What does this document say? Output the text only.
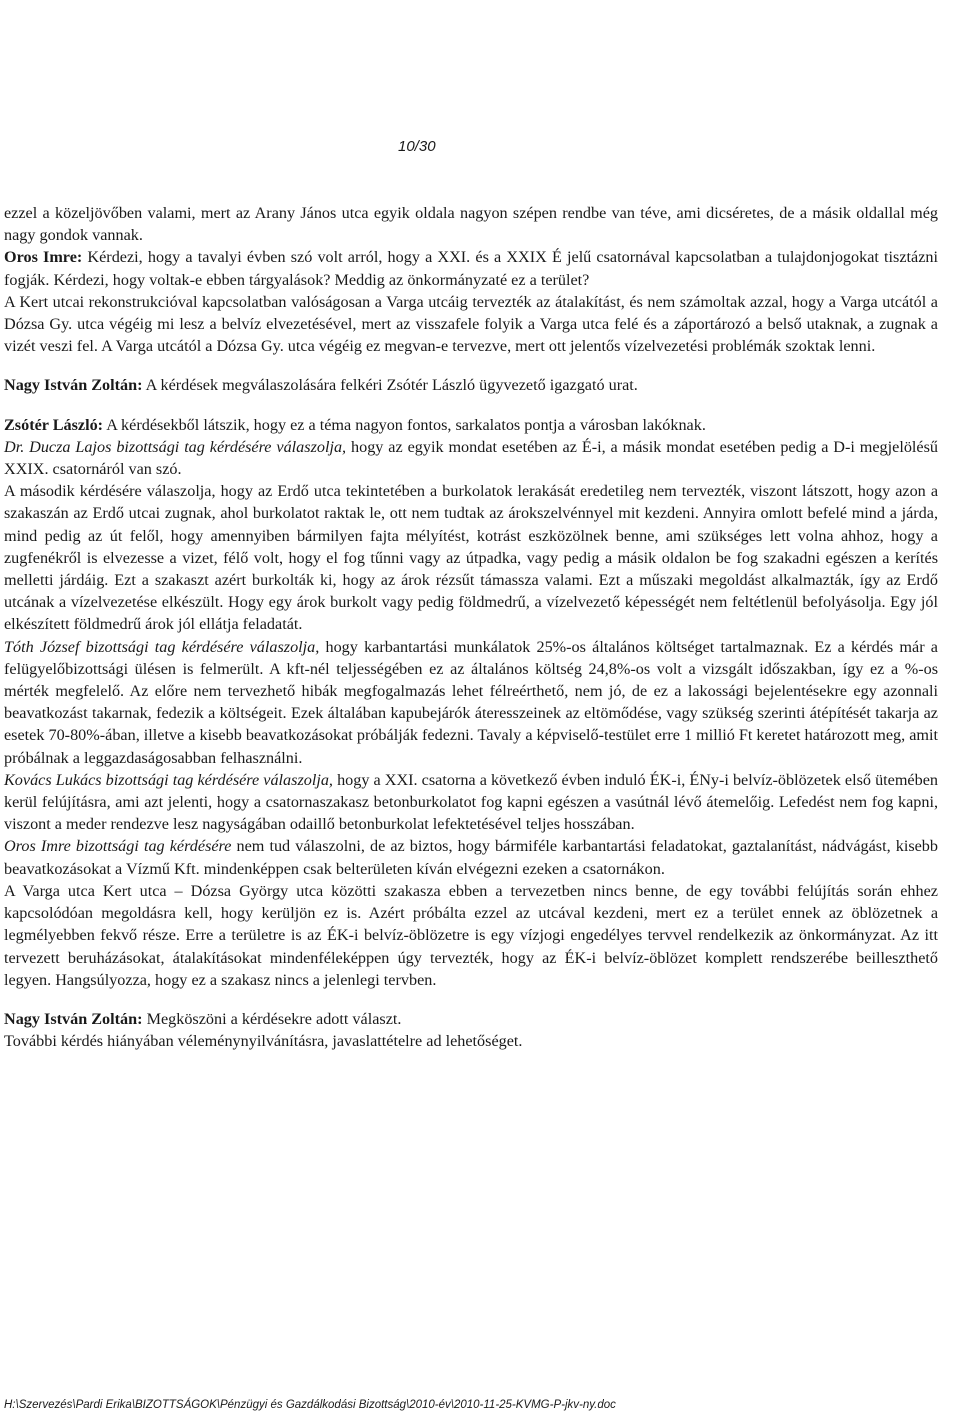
10/30

ezzel a közeljövőben valami, mert az Arany János utca egyik oldala nagyon szépen rendbe van téve, ami dicséretes, de a másik oldallal még nagy gondok vannak.

Oros Imre: Kérdezi, hogy a tavalyi évben szó volt arról, hogy a XXI. és a XXIX É jelű csatornával kapcsolatban a tulajdonjogokat tisztázni fogják. Kérdezi, hogy voltak-e ebben tárgyalások? Meddig az önkormányzaté ez a terület?

A Kert utcai rekonstrukcióval kapcsolatban valóságosan a Varga utcáig tervezték az átalakítást, és nem számoltak azzal, hogy a Varga utcától a Dózsa Gy. utca végéig mi lesz a belvíz elvezetésével, mert az visszafele folyik a Varga utca felé és a záportározó a belső utaknak, a zugnak a vizét veszi fel. A Varga utcától a Dózsa Gy. utca végéig ez megvan-e tervezve, mert ott jelentős vízelvezetési problémák szoktak lenni.

Nagy István Zoltán: A kérdések megválaszolására felkéri Zsótér László ügyvezető igazgató urat.

Zsótér László: A kérdésekből látszik, hogy ez a téma nagyon fontos, sarkalatos pontja a városban lakóknak.

Dr. Ducza Lajos bizottsági tag kérdésére válaszolja, hogy az egyik mondat esetében az É-i, a másik mondat esetében pedig a D-i megjelölésű XXIX. csatornáról van szó.

A második kérdésére válaszolja, hogy az Erdő utca tekintetében a burkolatok lerakását eredetileg nem tervezték, viszont látszott, hogy azon a szakaszán az Erdő utcai zugnak, ahol burkolatot raktak le, ott nem tudtak az árokszelvénnyel mit kezdeni. Annyira omlott befelé mind a járda, mind pedig az út felől, hogy amennyiben bármilyen fajta mélyítést, kotrást eszközölnek benne, ami szükséges lett volna ahhoz, hogy a zugfenékről is elvezesse a vizet, félő volt, hogy el fog tűnni vagy az útpadka, vagy pedig a másik oldalon be fog szakadni egészen a kerítés melletti járdáig. Ezt a szakaszt azért burkolták ki, hogy az árok rézsűt támassza valami. Ezt a műszaki megoldást alkalmazták, így az Erdő utcának a vízelvezetése elkészült. Hogy egy árok burkolt vagy pedig földmedrű, a vízelvezető képességét nem feltétlenül befolyásolja. Egy jól elkészített földmedrű árok jól ellátja feladatát.

Tóth József bizottsági tag kérdésére válaszolja, hogy karbantartási munkálatok 25%-os általános költséget tartalmaznak. Ez a kérdés már a felügyelőbizottsági ülésen is felmerült. A kft-nél teljességében ez az általános költség 24,8%-os volt a vizsgált időszakban, így ez a %-os mérték megfelelő. Az előre nem tervezhető hibák megfogalmazás lehet félreérthető, nem jó, de ez a lakossági bejelentésekre egy azonnali beavatkozást takarnak, fedezik a költségeit. Ezek általában kapubejárók áteresszeinek az eltömődése, vagy szükség szerinti átépítését takarja az esetek 70-80%-ában, illetve a kisebb beavatkozásokat próbálják fedezni. Tavaly a képviselő-testület erre 1 millió Ft keretet határozott meg, amit próbálnak a leggazdaságosabban felhasználni.

Kovács Lukács bizottsági tag kérdésére válaszolja, hogy a XXI. csatorna a következő évben induló ÉK-i, ÉNy-i belvíz-öblözetek első ütemében kerül felújításra, ami azt jelenti, hogy a csatornaszakasz betonburkolatot fog kapni egészen a vasútnál lévő átemelőig. Lefedést nem fog kapni, viszont a meder rendezve lesz nagyságában odaillő betonburkolat lefektetésével teljes hosszában.

Oros Imre bizottsági tag kérdésére nem tud válaszolni, de az biztos, hogy bármiféle karbantartási feladatokat, gaztalanítást, nádvágást, kisebb beavatkozásokat a Vízmű Kft. mindenképpen csak belterületen kíván elvégezni ezeken a csatornákon.

A Varga utca Kert utca – Dózsa György utca közötti szakasza ebben a tervezetben nincs benne, de egy további felújítás során ehhez kapcsolódóan megoldásra kell, hogy kerüljön ez is. Azért próbálta ezzel az utcával kezdeni, mert ez a terület ennek az öblözetnek a legmélyebben fekvő része. Erre a területre is az ÉK-i belvíz-öblözetre is egy vízjogi engedélyes tervvel rendelkezik az önkormányzat. Az itt tervezett beruházásokat, átalakításokat mindenféleképpen úgy tervezték, hogy az ÉK-i belvíz-öblözet komplett rendszerébe beilleszthető legyen. Hangsúlyozza, hogy ez a szakasz nincs a jelenlegi tervben.

Nagy István Zoltán: Megköszöni a kérdésekre adott választ.

További kérdés hiányában véleménynyilvánításra, javaslattételre ad lehetőséget.

H:\Szervezés\Pardi Erika\BIZOTTSÁGOK\Pénzügyi és Gazdálkodási Bizottság\2010-év\2010-11-25-KVMG-P-jkv-ny.doc
